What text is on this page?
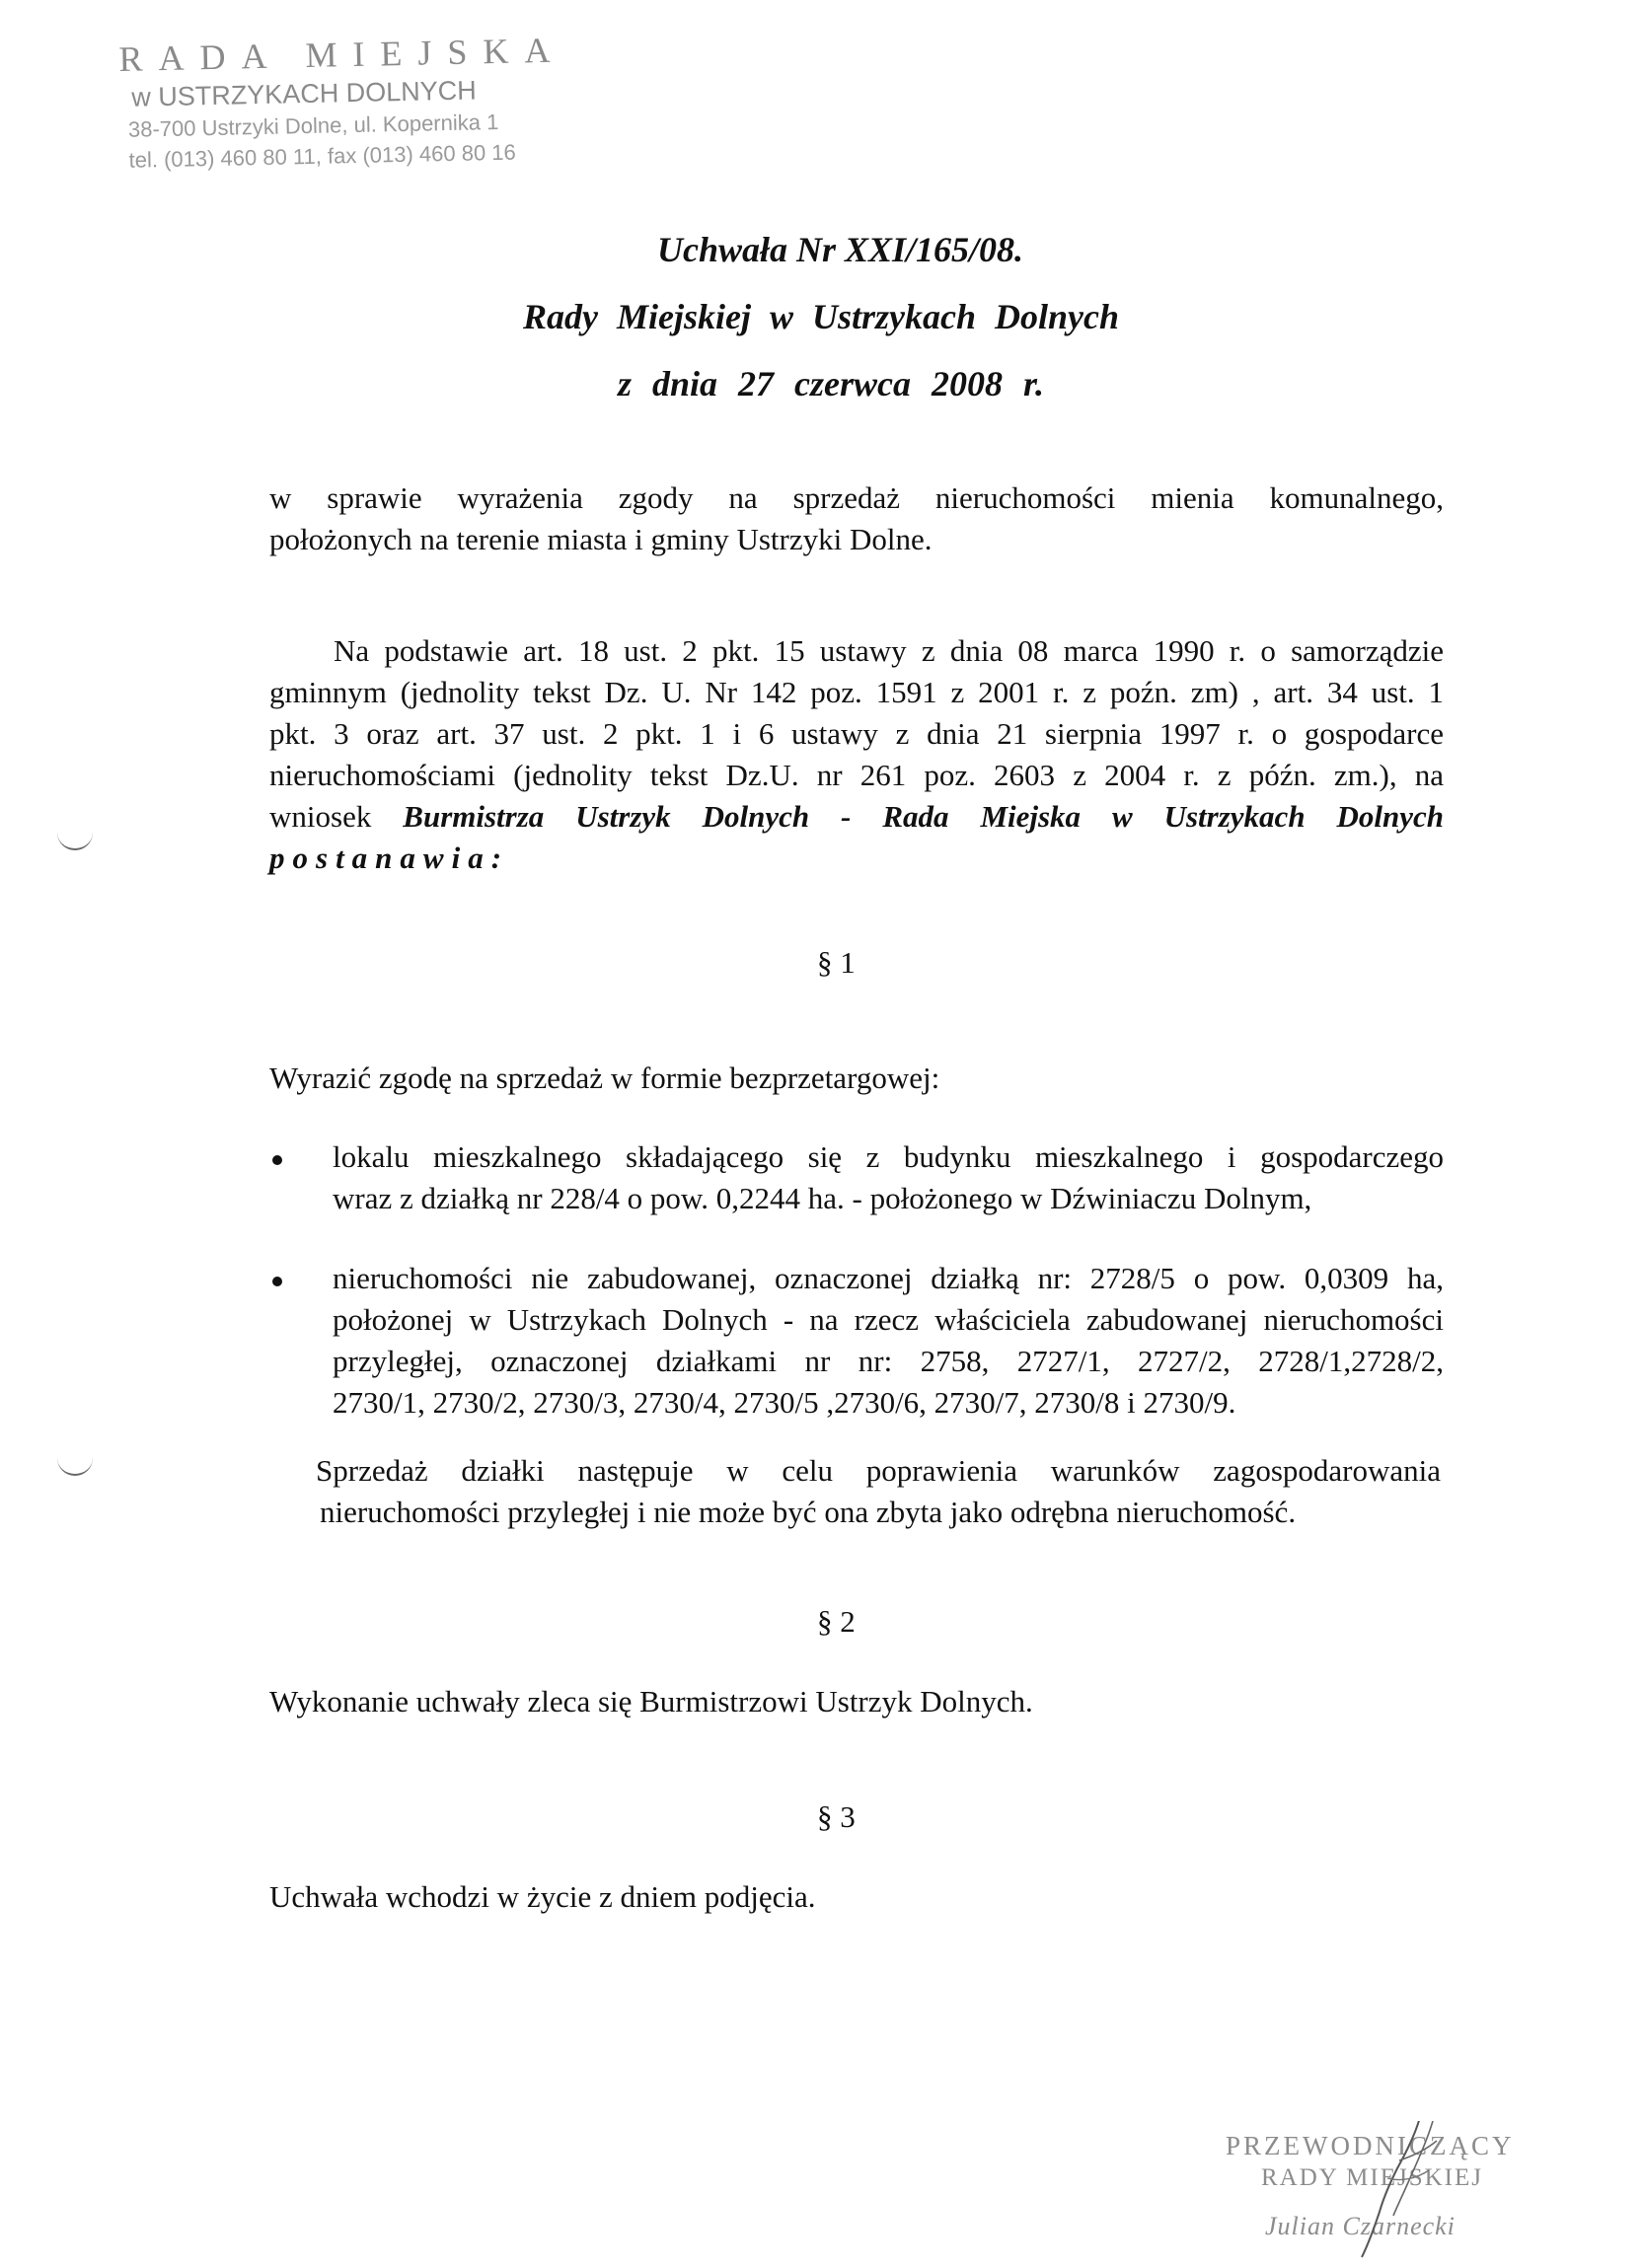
RADA MIEJSKA
w USTRZYKACH DOLNYCH
38-700 Ustrzyki Dolne, ul. Kopernika 1
tel. (013) 460 80 11, fax (013) 460 80 16
Uchwała Nr XXI/165/08.
Rady Miejskiej w Ustrzykach Dolnych
z dnia 27 czerwca 2008 r.
w sprawie wyrażenia zgody na sprzedaż nieruchomości mienia komunalnego,
położonych na terenie miasta i gminy Ustrzyki Dolne.
Na podstawie art. 18 ust. 2 pkt. 15 ustawy z dnia 08 marca 1990 r. o samorządzie
gminnym (jednolity tekst Dz. U. Nr 142 poz. 1591 z 2001 r. z poźn. zm) , art. 34 ust. 1
pkt. 3 oraz art. 37 ust. 2 pkt. 1 i 6 ustawy z dnia 21 sierpnia 1997 r. o gospodarce
nieruchomościami (jednolity tekst Dz.U. nr 261 poz. 2603 z 2004 r. z późn. zm.), na
wniosek Burmistrza Ustrzyk Dolnych - Rada Miejska w Ustrzykach Dolnych
postanawia:
§ 1
Wyrazić zgodę na sprzedaż w formie bezprzetargowej:
lokalu mieszkalnego składającego się z budynku mieszkalnego i gospodarczego
wraz z działką nr 228/4 o pow. 0,2244 ha. - położonego w Dźwiniaczu Dolnym,
nieruchomości nie zabudowanej, oznaczonej działką nr: 2728/5 o pow. 0,0309 ha,
położonej w Ustrzykach Dolnych - na rzecz właściciela zabudowanej nieruchomości
przyległej, oznaczonej działkami nr nr: 2758, 2727/1, 2727/2, 2728/1,2728/2,
2730/1, 2730/2, 2730/3, 2730/4, 2730/5 ,2730/6, 2730/7, 2730/8 i 2730/9.
Sprzedaż działki następuje w celu poprawienia warunków zagospodarowania
nieruchomości przyległej i nie może być ona zbyta jako odrębna nieruchomość.
§ 2
Wykonanie uchwały zleca się Burmistrzowi Ustrzyk Dolnych.
§ 3
Uchwała wchodzi w życie z dniem podjęcia.
PRZEWODNICZĄCY
RADY MIEJSKIEJ
Julian Czarnecki
